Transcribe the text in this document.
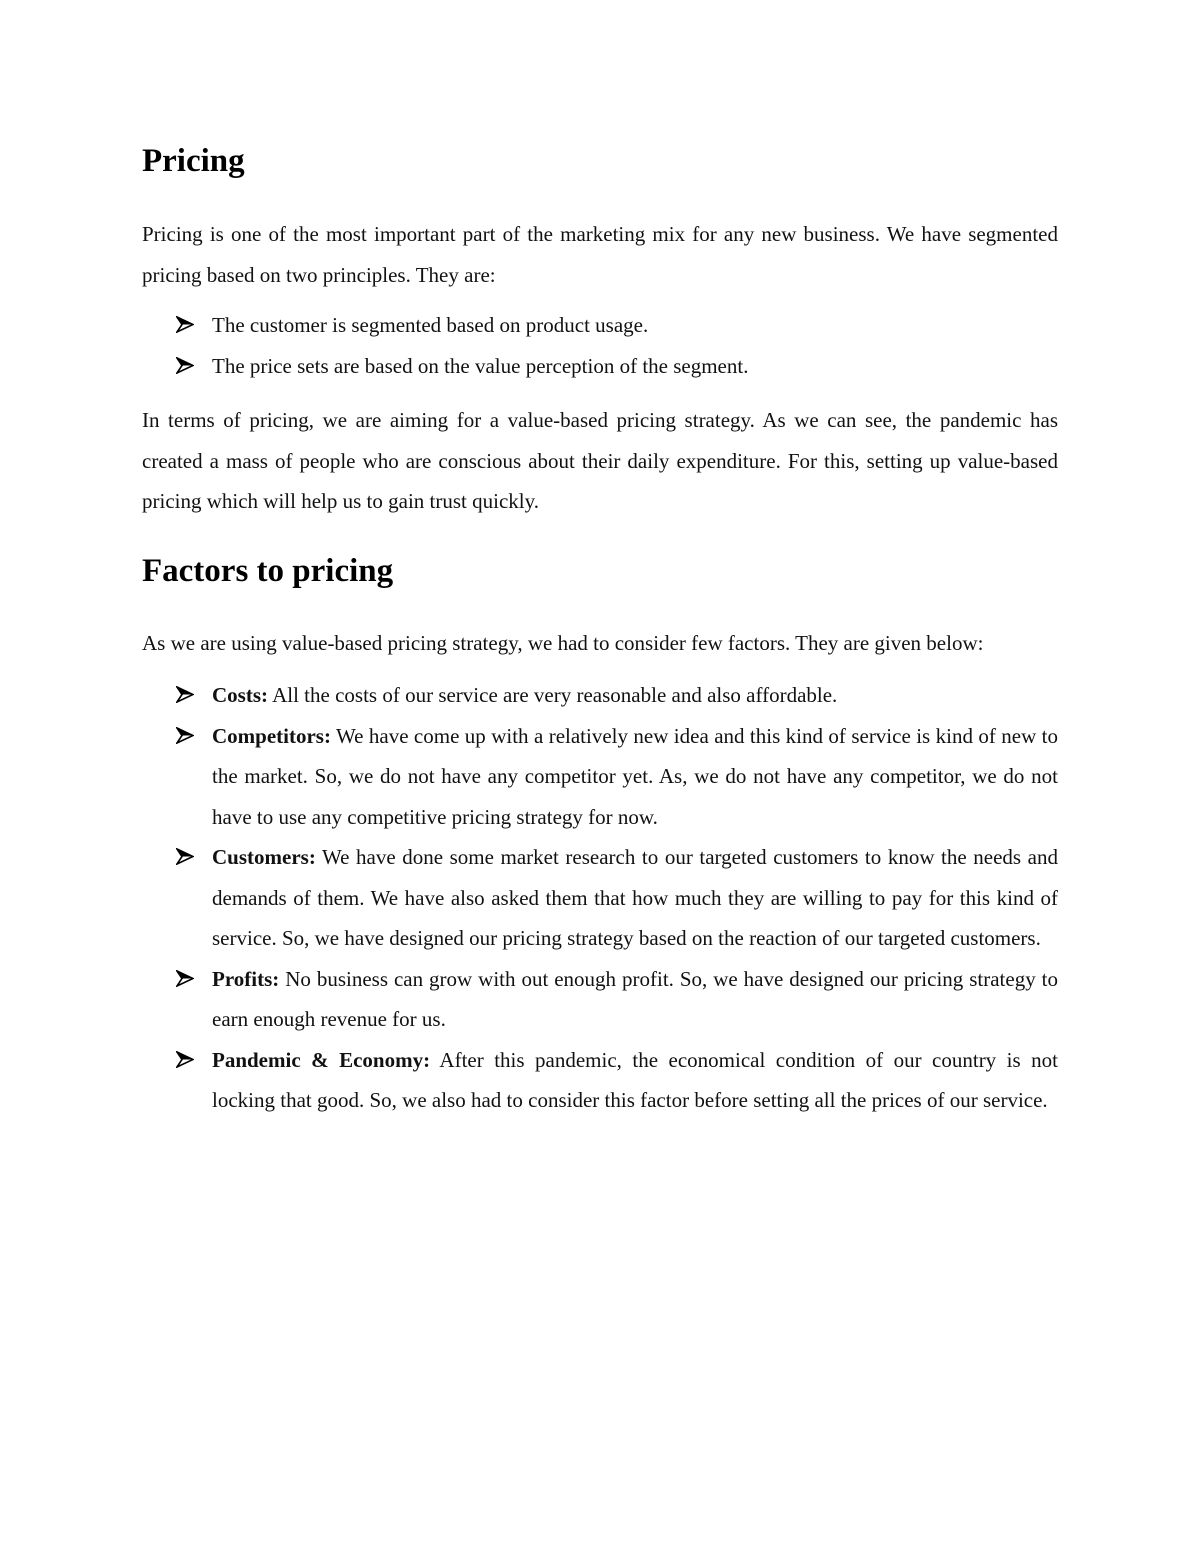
Pricing

Pricing is one of the most important part of the marketing mix for any new business. We have segmented pricing based on two principles. They are:

The customer is segmented based on product usage.
The price sets are based on the value perception of the segment.

In terms of pricing, we are aiming for a value-based pricing strategy. As we can see, the pandemic has created a mass of people who are conscious about their daily expenditure. For this, setting up value-based pricing which will help us to gain trust quickly.

Factors to pricing

As we are using value-based pricing strategy, we had to consider few factors. They are given below:

Costs: All the costs of our service are very reasonable and also affordable.
Competitors: We have come up with a relatively new idea and this kind of service is kind of new to the market. So, we do not have any competitor yet. As, we do not have any competitor, we do not have to use any competitive pricing strategy for now.
Customers: We have done some market research to our targeted customers to know the needs and demands of them. We have also asked them that how much they are willing to pay for this kind of service. So, we have designed our pricing strategy based on the reaction of our targeted customers.
Profits: No business can grow with out enough profit. So, we have designed our pricing strategy to earn enough revenue for us.
Pandemic & Economy: After this pandemic, the economical condition of our country is not locking that good. So, we also had to consider this factor before setting all the prices of our service.
